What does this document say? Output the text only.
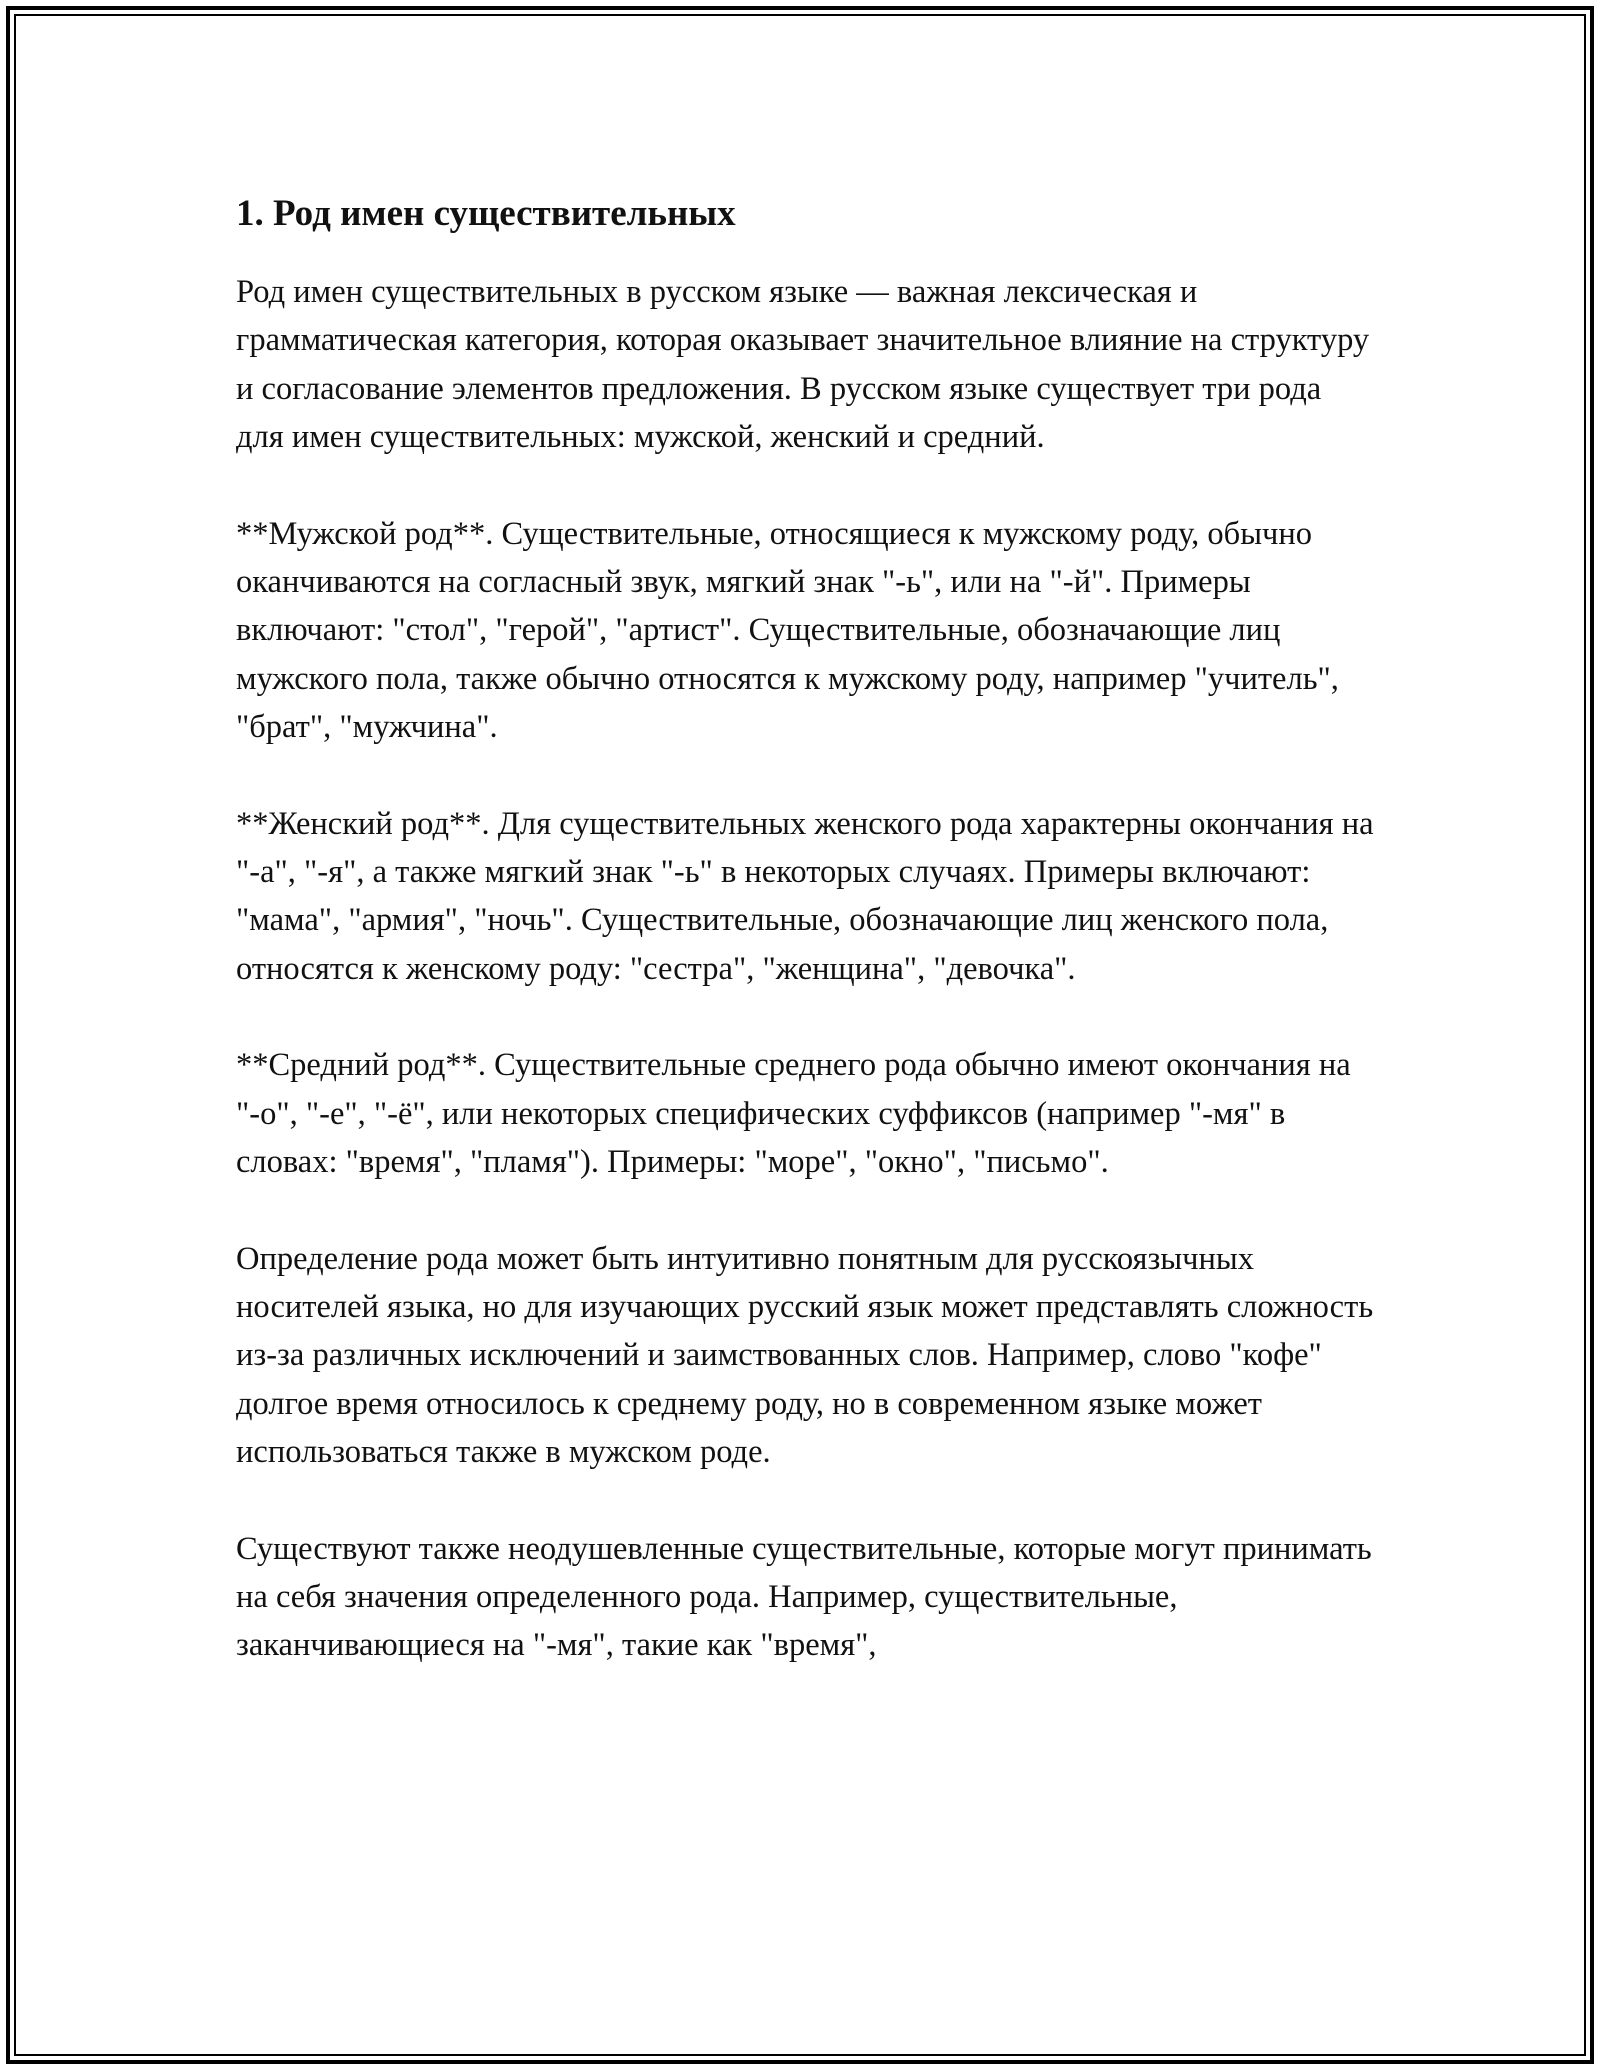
1. Род имен существительных

Род имен существительных в русском языке — важная лексическая и грамматическая категория, которая оказывает значительное влияние на структуру и согласование элементов предложения. В русском языке существует три рода для имен существительных: мужской, женский и средний.

**Мужской род**. Существительные, относящиеся к мужскому роду, обычно оканчиваются на согласный звук, мягкий знак "-ь", или на "-й". Примеры включают: "стол", "герой", "артист". Существительные, обозначающие лиц мужского пола, также обычно относятся к мужскому роду, например "учитель", "брат", "мужчина".

**Женский род**. Для существительных женского рода характерны окончания на "-а", "-я", а также мягкий знак "-ь" в некоторых случаях. Примеры включают: "мама", "армия", "ночь". Существительные, обозначающие лиц женского пола, относятся к женскому роду: "сестра", "женщина", "девочка".

**Средний род**. Существительные среднего рода обычно имеют окончания на "-о", "-е", "-ё", или некоторых специфических суффиксов (например "-мя" в словах: "время", "пламя"). Примеры: "море", "окно", "письмо".

Определение рода может быть интуитивно понятным для русскоязычных носителей языка, но для изучающих русский язык может представлять сложность из-за различных исключений и заимствованных слов. Например, слово "кофе" долгое время относилось к среднему роду, но в современном языке может использоваться также в мужском роде.

Существуют также неодушевленные существительные, которые могут принимать на себя значения определенного рода. Например, существительные, заканчивающиеся на "-мя", такие как "время",
